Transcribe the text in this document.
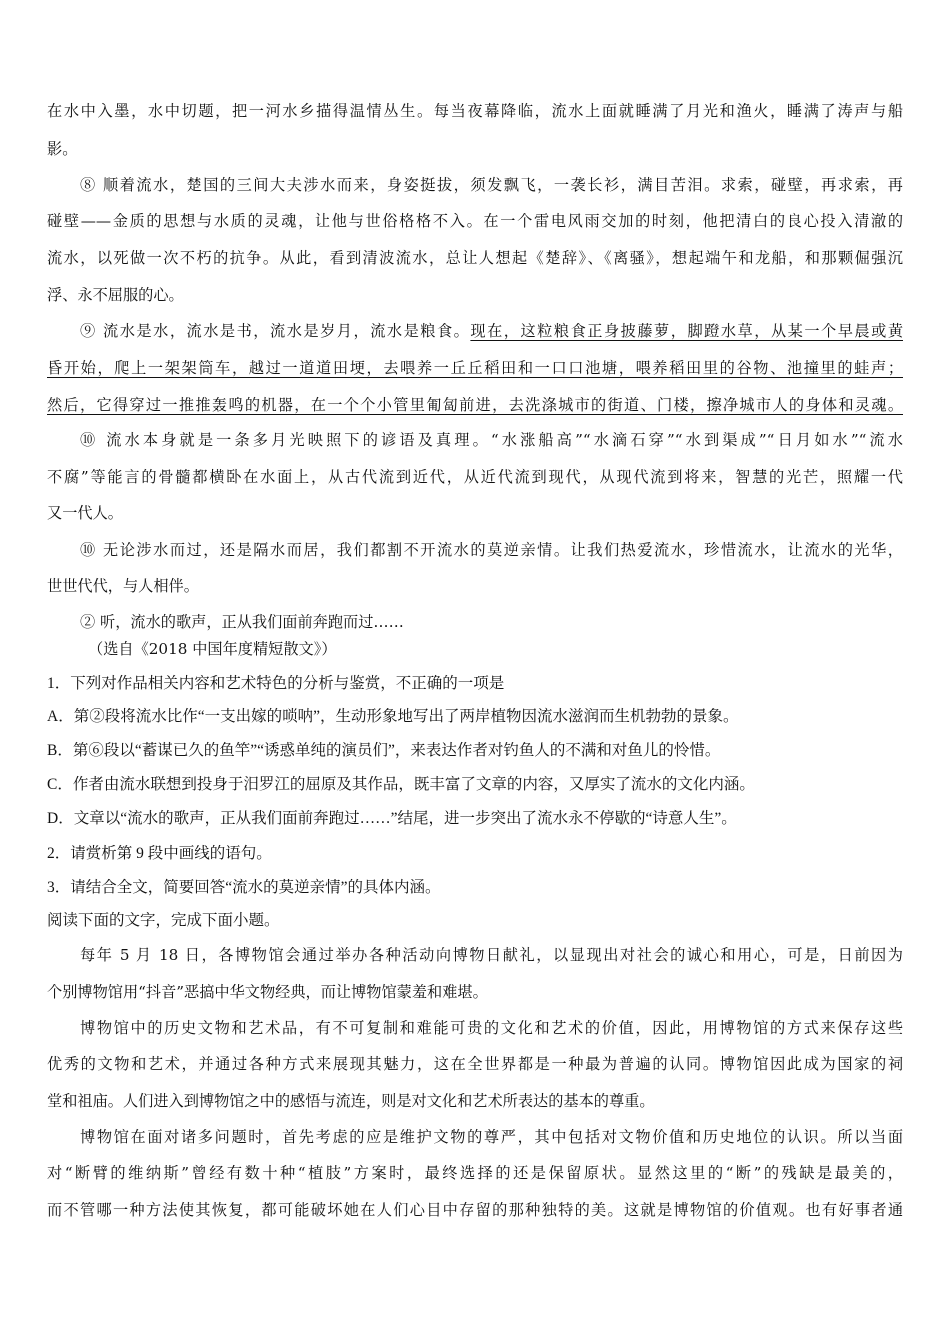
在水中入墨，水中切题，把一河水乡描得温情丛生。每当夜幕降临，流水上面就睡满了月光和渔火，睡满了涛声与船
影。
⑧ 顺着流水，楚国的三间大夫涉水而来，身姿挺拔，须发飘飞，一袭长衫，满目苦泪。求索，碰壁，再求索，再
碰壁——金质的思想与水质的灵魂，让他与世俗格格不入。在一个雷电风雨交加的时刻，他把清白的良心投入清澈的
流水，以死做一次不朽的抗争。从此，看到清波流水，总让人想起《楚辞》、《离骚》，想起端午和龙船，和那颗倔强沉
浮、永不屈服的心。
⑨ 流水是水，流水是书，流水是岁月，流水是粮食。现在，这粒粮食正身披藤萝，脚蹬水草，从某一个早晨或黄
昏开始，爬上一架架筒车，越过一道道田埂，去喂养一丘丘稻田和一口口池塘，喂养稻田里的谷物、池撞里的蛙声；
然后，它得穿过一推推轰鸣的机器，在一个个小管里匍匐前进，去洗涤城市的街道、门楼，擦净城市人的身体和灵魂。
⑩ 流水本身就是一条多月光映照下的谚语及真理。“水涨船高”“水滴石穿”“水到渠成”“日月如水”“流水
不腐”等能言的骨髓都横卧在水面上，从古代流到近代，从近代流到现代，从现代流到将来，智慧的光芒，照耀一代
又一代人。
⑩ 无论涉水而过，还是隔水而居，我们都割不开流水的莫逆亲情。让我们热爱流水，珍惜流水，让流水的光华，
世世代代，与人相伴。
② 听，流水的歌声，正从我们面前奔跑而过……
（选自《2018 中国年度精短散文》）
1．下列对作品相关内容和艺术特色的分析与鉴赏，不正确的一项是
A．第②段将流水比作“一支出嫁的唢呐”，生动形象地写出了两岸植物因流水滋润而生机勃勃的景象。
B．第⑥段以“蓄谋已久的鱼竿”“诱惑单纯的演员们”，来表达作者对钓鱼人的不满和对鱼儿的怜惜。
C．作者由流水联想到投身于汨罗江的屈原及其作品，既丰富了文章的内容，又厚实了流水的文化内涵。
D．文章以“流水的歌声，正从我们面前奔跑过……”结尾，进一步突出了流水永不停歇的“诗意人生”。
2．请赏析第 9 段中画线的语句。
3．请结合全文，简要回答“流水的莫逆亲情”的具体内涵。
阅读下面的文字，完成下面小题。
每年 5 月 18 日，各博物馆会通过举办各种活动向博物日献礼，以显现出对社会的诚心和用心，可是，日前因为
个别博物馆用“抖音”恶搞中华文物经典，而让博物馆蒙羞和难堪。
博物馆中的历史文物和艺术品，有不可复制和难能可贵的文化和艺术的价值，因此，用博物馆的方式来保存这些
优秀的文物和艺术，并通过各种方式来展现其魅力，这在全世界都是一种最为普遍的认同。博物馆因此成为国家的祠
堂和祖庙。人们进入到博物馆之中的感悟与流连，则是对文化和艺术所表达的基本的尊重。
博物馆在面对诸多问题时，首先考虑的应是维护文物的尊严，其中包括对文物价值和历史地位的认识。所以当面
对“断臂的维纳斯”曾经有数十种“植肢”方案时，最终选择的还是保留原状。显然这里的“断”的残缺是最美的，
而不管哪一种方法使其恢复，都可能破坏她在人们心目中存留的那种独特的美。这就是博物馆的价值观。也有好事者通
